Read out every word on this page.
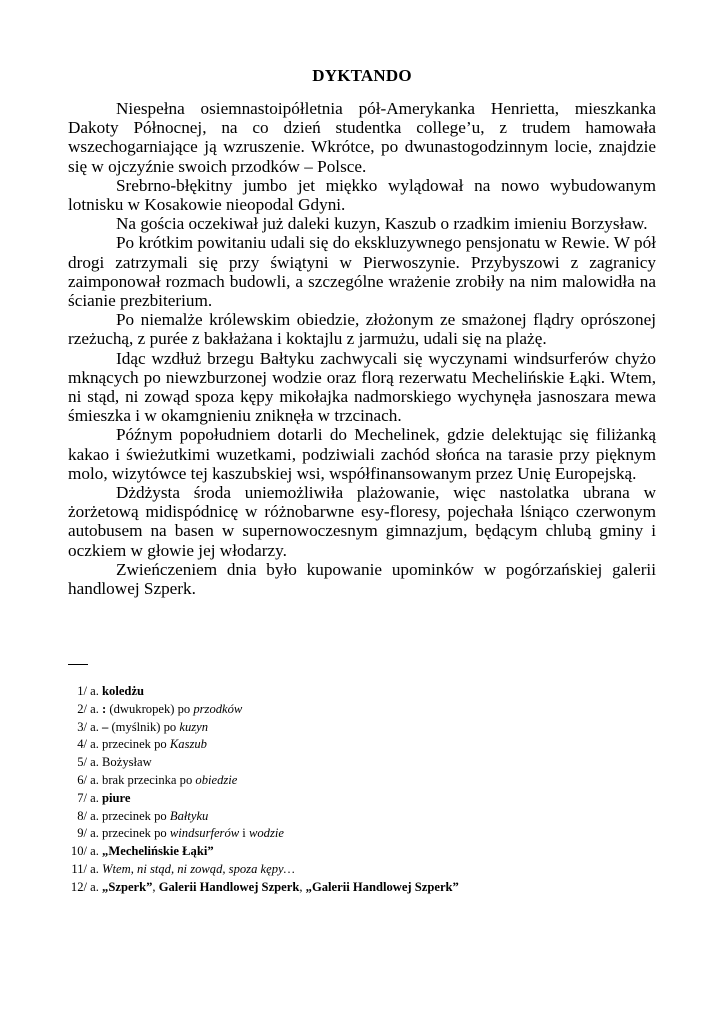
DYKTANDO

Niespełna osiemnastoipółletnia pół-Amerykanka Henrietta, mieszkanka Dakoty Północnej, na co dzień studentka college’u, z trudem hamowała wszechogarniające ją wzruszenie. Wkrótce, po dwunastogodzinnym locie, znajdzie się w ojczyźnie swoich przodków – Polsce.

Srebrno-błękitny jumbo jet miękko wylądował na nowo wybudowanym lotnisku w Kosakowie nieopodal Gdyni.

Na gościa oczekiwał już daleki kuzyn, Kaszub o rzadkim imieniu Borzysław.

Po krótkim powitaniu udali się do ekskluzywnego pensjonatu w Rewie. W pół drogi zatrzymali się przy świątyni w Pierwoszynie. Przybyszowi z zagranicy zaimponował rozmach budowli, a szczególne wrażenie zrobiły na nim malowidła na ścianie prezbiterium.

Po niemalże królewskim obiedzie, złożonym ze smażonej flądry oprószonej rzeżuchą, z purée z bakłażana i koktajlu z jarmużu, udali się na plażę.

Idąc wzdłuż brzegu Bałtyku zachwycali się wyczynami windsurferów chyżo mknących po niewzburzonej wodzie oraz florą rezerwatu Mechelińskie Łąki. Wtem, ni stąd, ni zowąd spoza kępy mikołajka nadmorskiego wychynęła jasnoszara mewa śmieszka i w okamgnieniu zniknęła w trzcinach.

Późnym popołudniem dotarli do Mechelinek, gdzie delektując się filiżanką kakao i świeżutkimi wuzetkami, podziwiali zachód słońca na tarasie przy pięknym molo, wizytówce tej kaszubskiej wsi, współfinansowanym przez Unię Europejską.

Dżdżysta środa uniemożliwiła plażowanie, więc nastolatka ubrana w żorżetową midispódnicę w różnobarwne esy-floresy, pojechała lśniąco czerwonym autobusem na basen w supernowoczesnym gimnazjum, będącym chlubą gminy i oczkiem w głowie jej włodarzy.

Zwieńczeniem dnia było kupowanie upominków w pogórzańskiej galerii handlowej Szperk.

1/ a. koledżu
2/ a. : (dwukropek) po przodków
3/ a. – (myślnik) po kuzyn
4/ a. przecinek po Kaszub
5/ a. Bożysław
6/ a. brak przecinka po obiedzie
7/ a. piure
8/ a. przecinek po Bałtyku
9/ a. przecinek po windsurferów i wodzie
10/ a. „Mechelińskie Łąki”
11/ a. Wtem, ni stąd, ni zowąd, spoza kępy…
12/ a. „Szperk”, Galerii Handlowej Szperk, „Galerii Handlowej Szperk”
